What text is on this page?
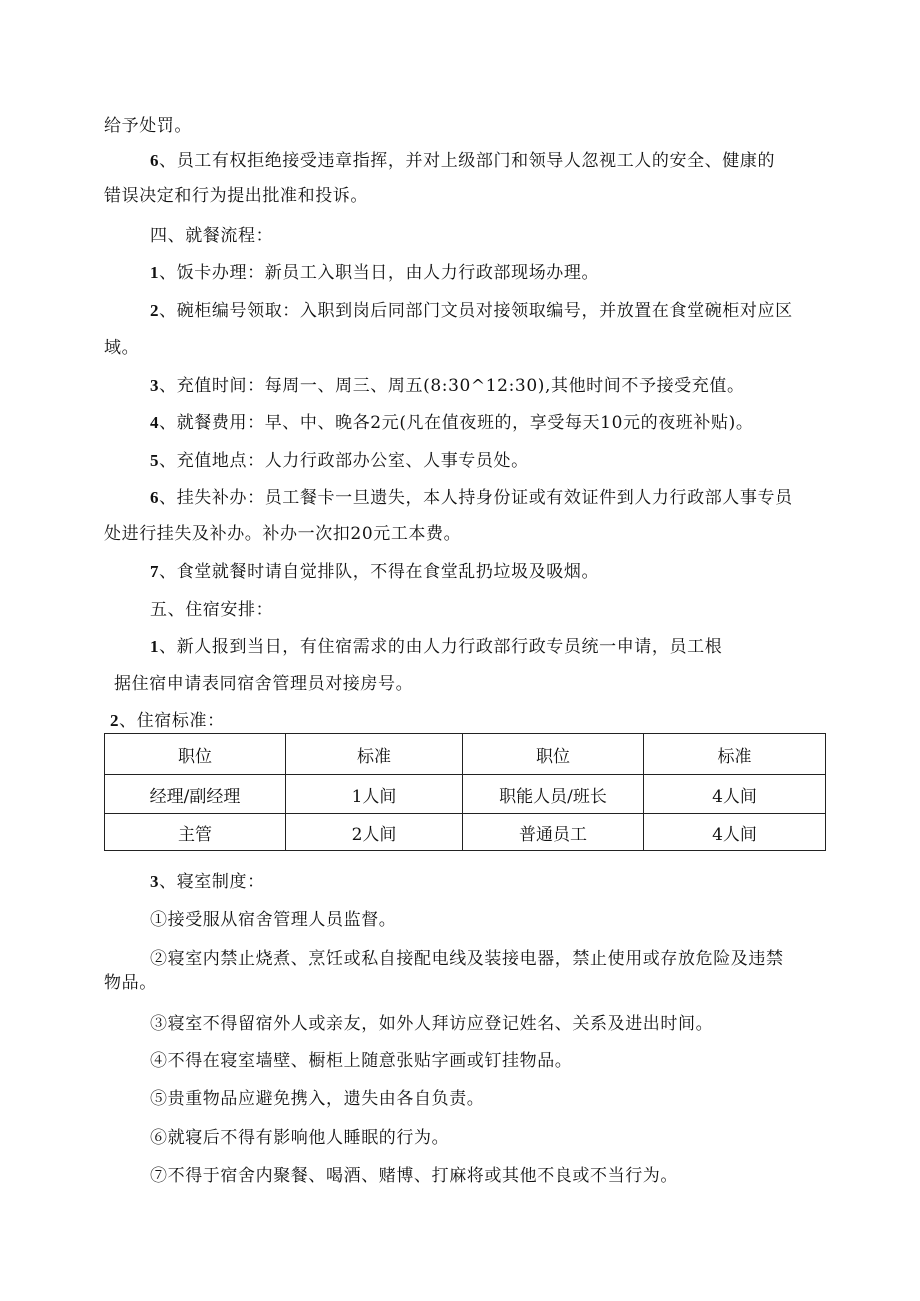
给予处罚。
6、员工有权拒绝接受违章指挥，并对上级部门和领导人忽视工人的安全、健康的
错误决定和行为提出批准和投诉。
四、就餐流程：
1、饭卡办理：新员工入职当日，由人力行政部现场办理。
2、碗柜编号领取：入职到岗后同部门文员对接领取编号，并放置在食堂碗柜对应区
域。
3、充值时间：每周一、周三、周五(8:30^12:30),其他时间不予接受充值。
4、就餐费用：早、中、晚各2元(凡在值夜班的，享受每天10元的夜班补贴)。
5、充值地点：人力行政部办公室、人事专员处。
6、挂失补办：员工餐卡一旦遗失，本人持身份证或有效证件到人力行政部人事专员
处进行挂失及补办。补办一次扣20元工本费。
7、食堂就餐时请自觉排队，不得在食堂乱扔垃圾及吸烟。
五、住宿安排：
1、新人报到当日，有住宿需求的由人力行政部行政专员统一申请，员工根
据住宿申请表同宿舍管理员对接房号。
2、住宿标准：
职位	标准	职位	标准
经理/副经理	1人间	职能人员/班长	4人间
主管	2人间	普通员工	4人间
3、寝室制度：
①接受服从宿舍管理人员监督。
②寝室内禁止烧煮、烹饪或私自接配电线及装接电器，禁止使用或存放危险及违禁
物品。
③寝室不得留宿外人或亲友，如外人拜访应登记姓名、关系及进出时间。
④不得在寝室墙壁、橱柜上随意张贴字画或钉挂物品。
⑤贵重物品应避免携入，遗失由各自负责。
⑥就寝后不得有影响他人睡眠的行为。
⑦不得于宿舍内聚餐、喝酒、赌博、打麻将或其他不良或不当行为。
